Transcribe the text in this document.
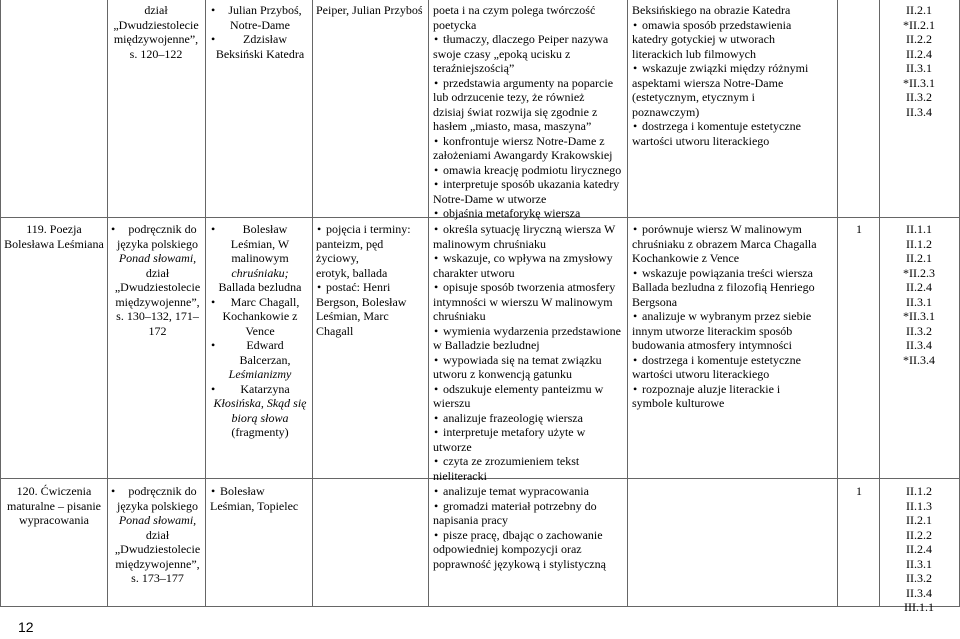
dział
„Dwudziestolecie
międzywojenne”,
s. 120–122
• Julian Przyboś,
Notre-Dame
• Zdzisław
Beksiński Katedra
Peiper, Julian Przyboś poeta i na czym polega twórczość
poetycka
• tłumaczy, dlaczego Peiper nazywa
swoje czasy „epoką ucisku z
teraźniejszością”
• przedstawia argumenty na poparcie
lub odrzucenie tezy, że również
dzisiaj świat rozwija się zgodnie z
hasłem „miasto, masa, maszyna”
• konfrontuje wiersz Notre-Dame z
założeniami Awangardy Krakowskiej
• omawia kreację podmiotu lirycznego
• interpretuje sposób ukazania katedry
Notre-Dame w utworze
• objaśnia metaforykę wiersza
Beksińskiego na obrazie Katedra
• omawia sposób przedstawienia
katedry gotyckiej w utworach
literackich lub filmowych
• wskazuje związki między różnymi
aspektami wiersza Notre-Dame
(estetycznym, etycznym i
poznawczym)
• dostrzega i komentuje estetyczne
wartości utworu literackiego
II.2.1
*II.2.1
II.2.2
II.2.4
II.3.1
*II.3.1
II.3.2
II.3.4
119. Poezja Bolesława Leśmiana
• podręcznik do
języka polskiego
Ponad słowami,
dział
„Dwudziestolecie
międzywojenne”,
s. 130–132, 171–
172
• Bolesław
Leśmian, W
malinowym
chruśniaku;
Ballada bezludna
• Marc Chagall,
Kochankowie z
Vence
• Edward Balcerzan,
Leśmianizmy
• Katarzyna
Kłosińska, Skąd się
biorą słowa
(fragmenty)
• pojęcia i terminy:
panteizm, pęd życiowy,
erotyk, ballada
• postać: Henri
Bergson, Bolesław
Leśmian, Marc Chagall
• określa sytuację liryczną wiersza W
malinowym chruśniaku
• wskazuje, co wpływa na zmysłowy
charakter utworu
• opisuje sposób tworzenia atmosfery
intymności w wierszu W malinowym
chruśniaku
• wymienia wydarzenia przedstawione
w Balladzie bezludnej
• wypowiada się na temat związku
utworu z konwencją gatunku
• odszukuje elementy panteizmu w
wierszu
• analizuje frazeologię wiersza
• interpretuje metafory użyte w
utworze
• czyta ze zrozumieniem tekst
nieliteracki
• porównuje wiersz W malinowym
chruśniaku z obrazem Marca Chagalla
Kochankowie z Vence
• wskazuje powiązania treści wiersza
Ballada bezludna z filozofią Henriego
Bergsona
• analizuje w wybranym przez siebie
innym utworze literackim sposób
budowania atmosfery intymności
• dostrzega i komentuje estetyczne
wartości utworu literackiego
• rozpoznaje aluzje literackie i
symbole kulturowe
1	II.1.1
II.1.2
II.2.1
*II.2.3
II.2.4
II.3.1
*II.3.1
II.3.2
II.3.4
*II.3.4
120. Ćwiczenia maturalne – pisanie wypracowania
• podręcznik do
języka polskiego
Ponad słowami,
dział
„Dwudziestolecie
międzywojenne”,
s. 173–177
• Bolesław
Leśmian, Topielec
• analizuje temat wypracowania
• gromadzi materiał potrzebny do
napisania pracy
• pisze pracę, dbając o zachowanie
odpowiedniej kompozycji oraz
poprawność językową i stylistyczną
1	II.1.2
II.1.3
II.2.1
II.2.2
II.2.4
II.3.1
II.3.2
II.3.4
III.1.1
12
